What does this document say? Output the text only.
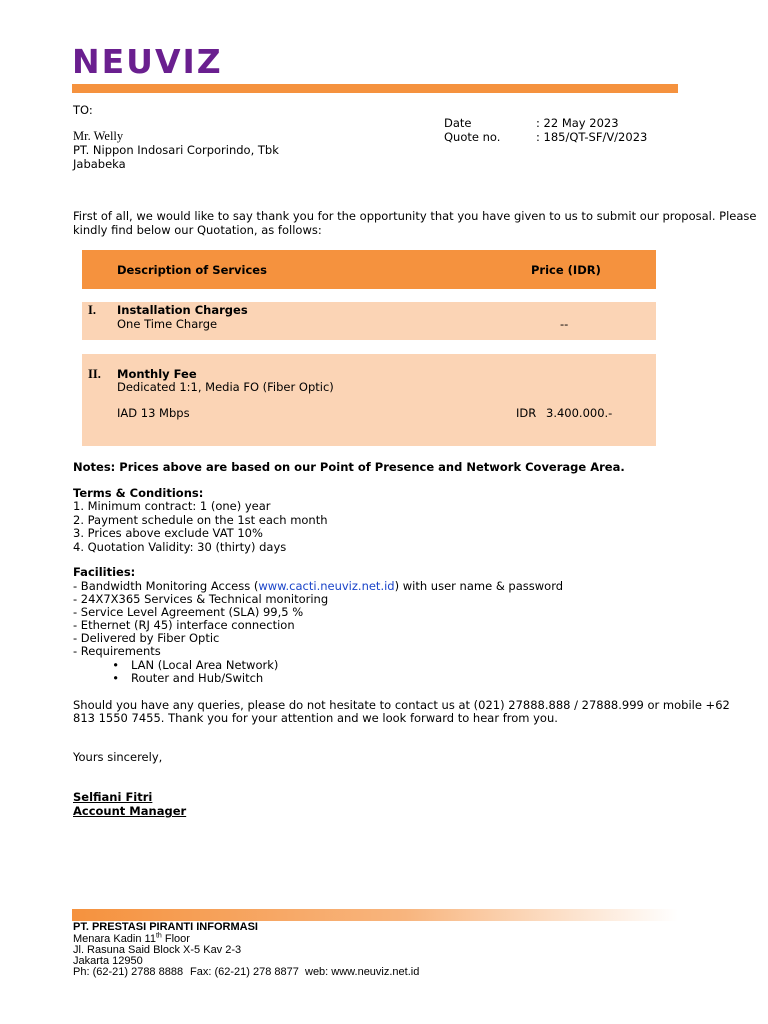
NEUVIZ
TO:
Mr. Welly
PT. Nippon Indosari Corporindo, Tbk
Jababeka
Date	: 22 May 2023
Quote no.	: 185/QT-SF/V/2023
First of all, we would like to say thank you for the opportunity that you have given to us to submit our proposal. Please
kindly find below our Quotation, as follows:
Description of Services	Price (IDR)
I. Installation Charges
One Time Charge	--
II. Monthly Fee
Dedicated 1:1, Media FO (Fiber Optic)
IAD 13 Mbps	IDR 3.400.000.-
Notes: Prices above are based on our Point of Presence and Network Coverage Area.
Terms & Conditions:
1. Minimum contract: 1 (one) year
2. Payment schedule on the 1st each month
3. Prices above exclude VAT 10%
4. Quotation Validity: 30 (thirty) days
Facilities:
- Bandwidth Monitoring Access (www.cacti.neuviz.net.id) with user name & password
- 24X7X365 Services & Technical monitoring
- Service Level Agreement (SLA) 99,5 %
- Ethernet (RJ 45) interface connection
- Delivered by Fiber Optic
- Requirements
• LAN (Local Area Network)
• Router and Hub/Switch
Should you have any queries, please do not hesitate to contact us at (021) 27888.888 / 27888.999 or mobile +62
813 1550 7455. Thank you for your attention and we look forward to hear from you.
Yours sincerely,
Selfiani Fitri
Account Manager
PT. PRESTASI PIRANTI INFORMASI
Menara Kadin 11th Floor
Jl. Rasuna Said Block X-5 Kav 2-3
Jakarta 12950
Ph: (62-21) 2788 8888 Fax: (62-21) 278 8877 web: www.neuviz.net.id
